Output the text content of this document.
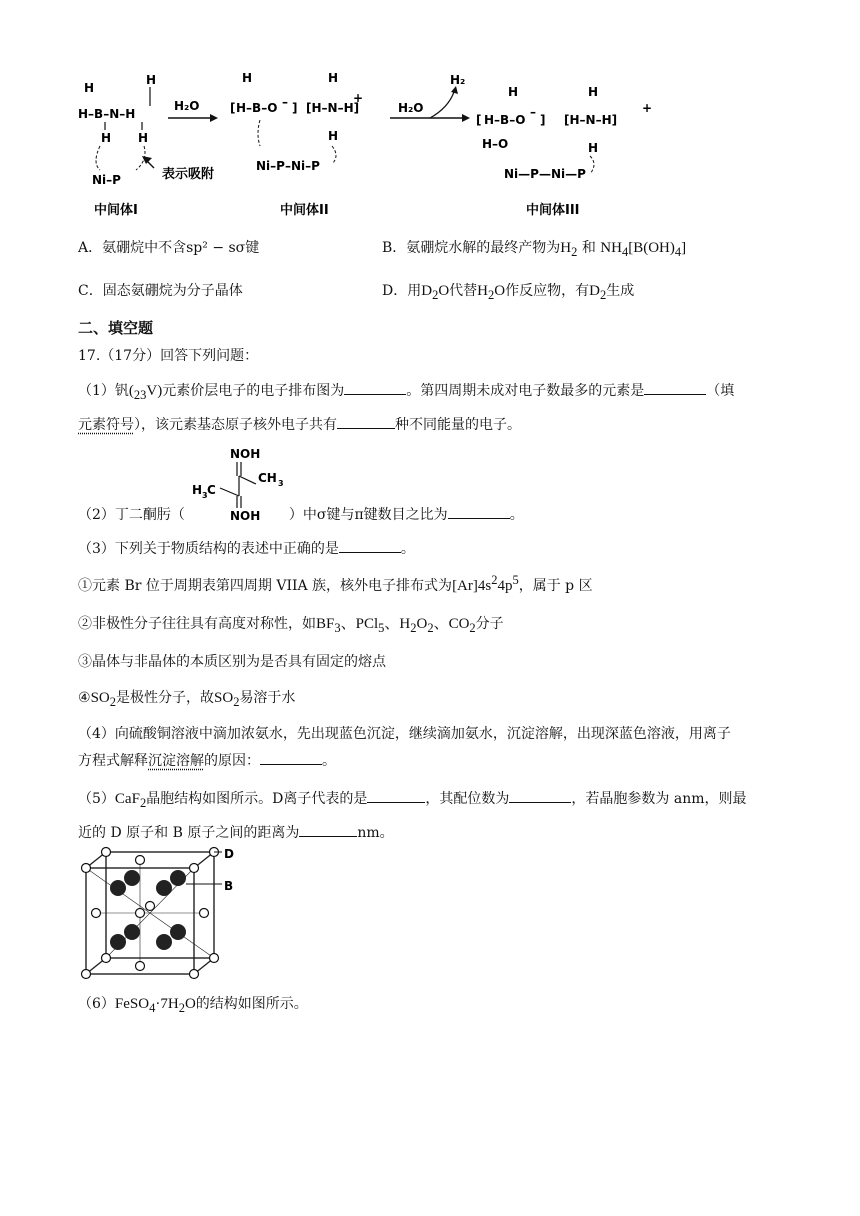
H
H–B–N–H
H
H H
Ni–P
H₂O
表示吸附
[
H
H–B–O – ] [H–N–H]
+
H
H
Ni–P–Ni–P
H₂O
H₂
[ H–B–O
–
]
H
H–O
[H–N–H]
+
H
H
Ni—P—Ni—P
中间体I	中间体II	中间体III
A．氨硼烷中不含sp² − sσ键	B．氨硼烷水解的最终产物为$H_2$ 和 $NH_4[B(OH)_4]$
C．固态氨硼烷为分子晶体	D．用$D_2O$代替$H_2O$作反应物，有$D_2$生成
二、填空题
17.（17分）回答下列问题：
（1）钒$(_{23}V)$元素价层电子的电子排布图为	。第四周期未成对电子数最多的元素是	（填
元素符号），该元素基态原子核外电子共有	种不同能量的电子。
NOH
CH 3
H 3 C
NOH
（2）丁二酮肟（	）中σ键与π键数目之比为	。
（3）下列关于物质结构的表述中正确的是	。
①元素 Br 位于周期表第四周期 VIIA 族，核外电子排布式为$[Ar]4s^24p^5$，属于 p 区
②非极性分子往往具有高度对称性，如$BF_3$、PCl$_5$、$H_2O_2$、$CO_2$分子
③晶体与非晶体的本质区别为是否具有固定的熔点
$④SO_2$是极性分子，故$SO_2$易溶于水
（4）向硫酸铜溶液中滴加浓氨水，先出现蓝色沉淀，继续滴加氨水，沉淀溶解，出现深蓝色溶液，用离子
方程式解释沉淀溶解的原因：	。
（5）CaF$_2$晶胞结构如图所示。D离子代表的是	，其配位数为	，若晶胞参数为 anm，则最
近的 D 原子和 B 原子之间的距离为	nm。
D
B
$(6)FeSO_4\cdot 7H_2O$的结构如图所示。
